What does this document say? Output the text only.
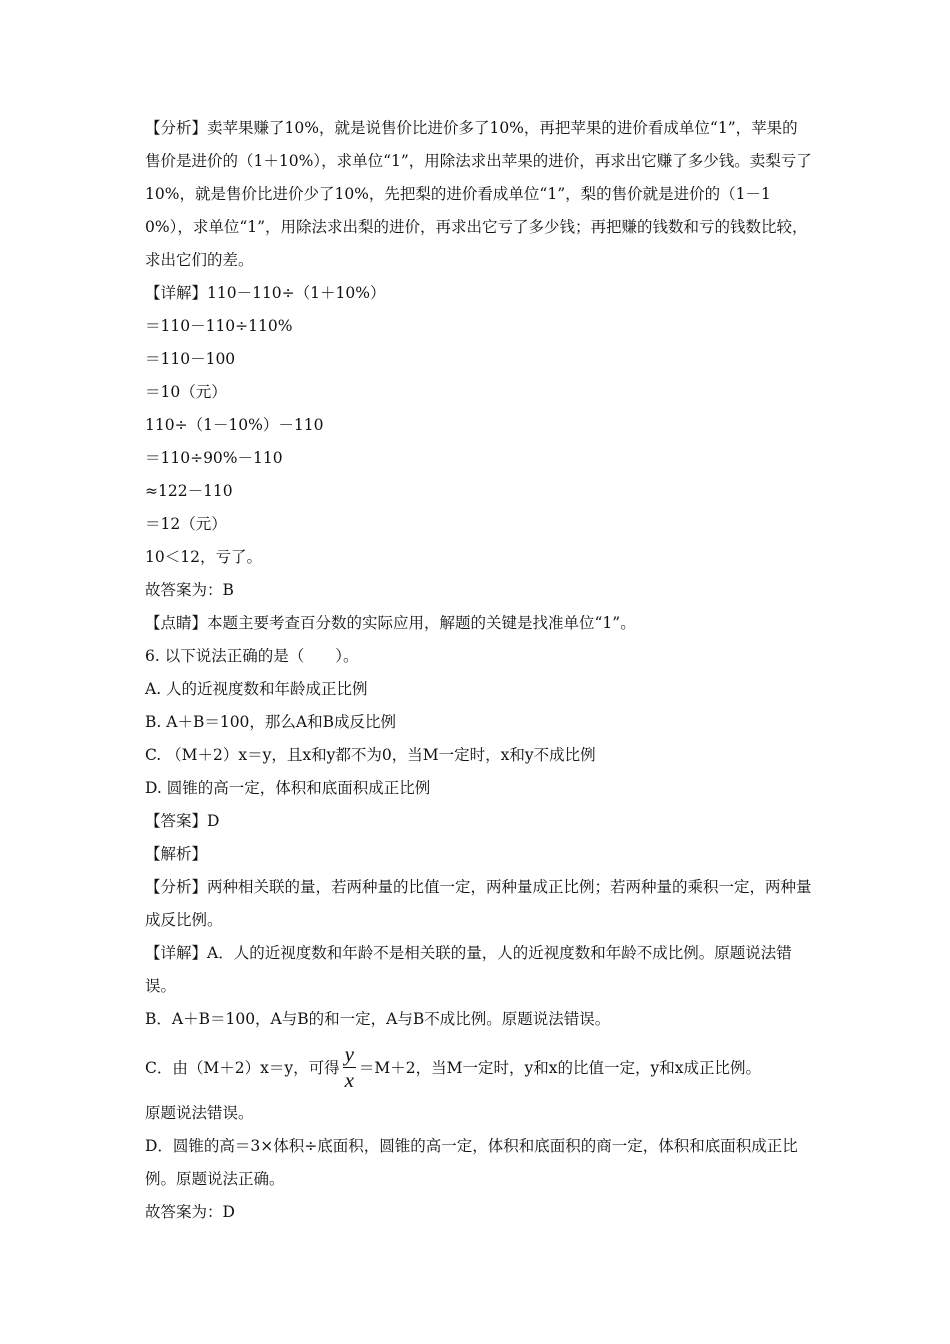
【分析】卖苹果赚了10%，就是说售价比进价多了10%，再把苹果的进价看成单位“1”，苹果的售价是进价的（1＋10%），求单位“1”，用除法求出苹果的进价，再求出它赚了多少钱。卖梨亏了10%，就是售价比进价少了10%，先把梨的进价看成单位“1”，梨的售价就是进价的（1－10%），求单位“1”，用除法求出梨的进价，再求出它亏了多少钱；再把赚的钱数和亏的钱数比较，求出它们的差。

【详解】110－110÷（1＋10%）

＝110－110÷110%

＝110－100

＝10（元）

110÷（1－10%）－110

＝110÷90%－110

≈122－110

＝12（元）

10＜12，亏了。

故答案为：B

【点睛】本题主要考查百分数的实际应用，解题的关键是找准单位“1”。

6. 以下说法正确的是（　　）。

A. 人的近视度数和年龄成正比例

B. A＋B＝100，那么A和B成反比例

C. （M＋2）x＝y，且x和y都不为0，当M一定时，x和y不成比例

D. 圆锥的高一定，体积和底面积成正比例

【答案】D

【解析】

【分析】两种相关联的量，若两种量的比值一定，两种量成正比例；若两种量的乘积一定，两种量成反比例。

【详解】A．人的近视度数和年龄不是相关联的量，人的近视度数和年龄不成比例。原题说法错误。

B．A＋B＝100，A与B的和一定，A与B不成比例。原题说法错误。

C．由（M＋2）x＝y，可得 $\frac{y}{x} =M+2$，当M一定时，y和x的比值一定，y和x成正比例。

原题说法错误。

D．圆锥的高＝3×体积÷底面积，圆锥的高一定，体积和底面积的商一定，体积和底面积成正比例。原题说法正确。

故答案为：D
